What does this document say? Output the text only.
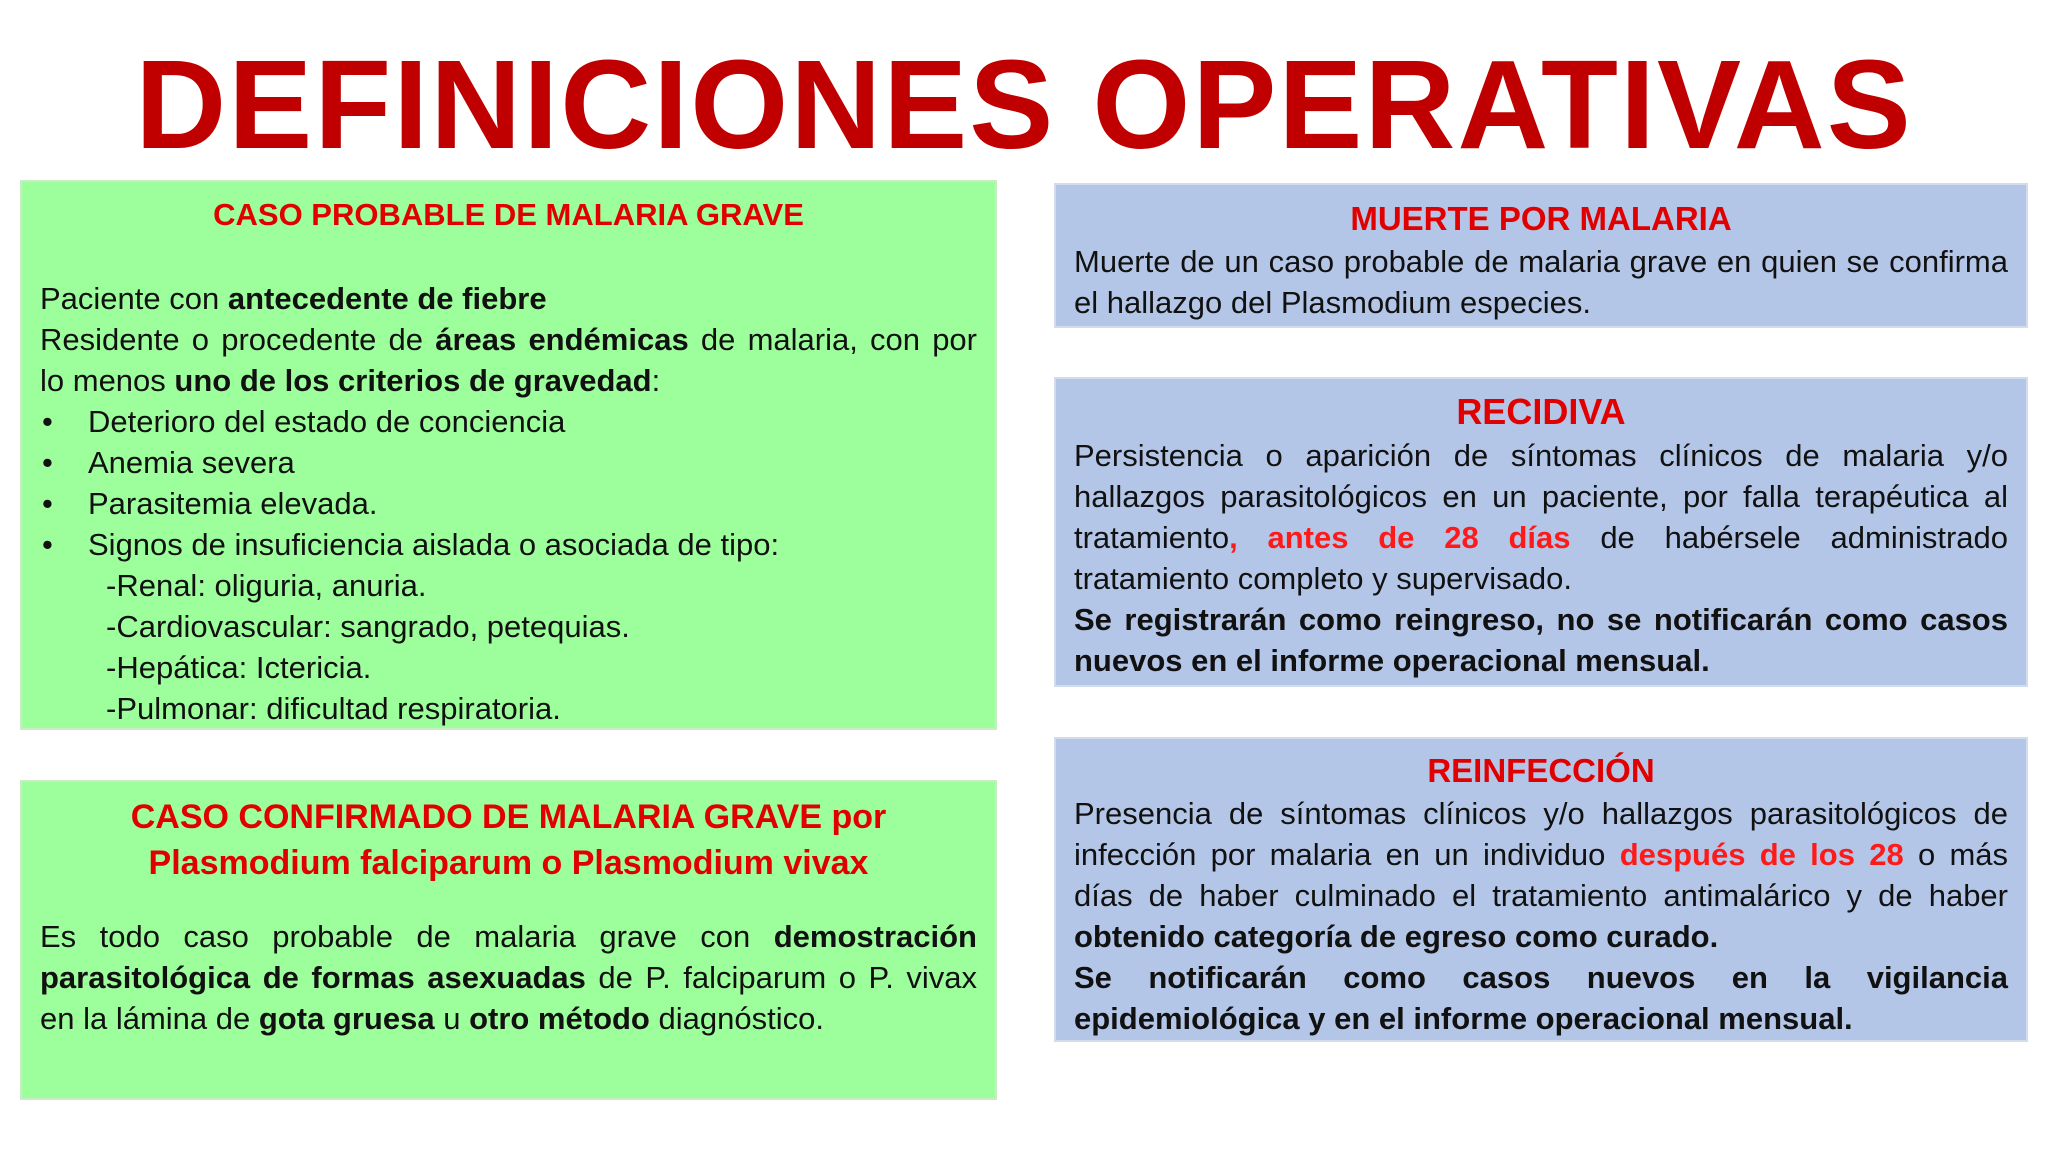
DEFINICIONES OPERATIVAS
CASO PROBABLE DE MALARIA GRAVE
Paciente con antecedente de fiebre
Residente o procedente de áreas endémicas de malaria, con por lo menos uno de los criterios de gravedad:
• Deterioro del estado de conciencia
• Anemia severa
• Parasitemia elevada.
• Signos de insuficiencia aislada o asociada de tipo:
-Renal: oliguria, anuria.
-Cardiovascular: sangrado, petequias.
-Hepática: Ictericia.
-Pulmonar: dificultad respiratoria.
CASO CONFIRMADO DE MALARIA GRAVE por Plasmodium falciparum o Plasmodium vivax
Es todo caso probable de malaria grave con demostración parasitológica de formas asexuadas de P. falciparum o P. vivax en la lámina de gota gruesa u otro método diagnóstico.
MUERTE POR MALARIA
Muerte de un caso probable de malaria grave en quien se confirma el hallazgo del Plasmodium especies.
RECIDIVA
Persistencia o aparición de síntomas clínicos de malaria y/o hallazgos parasitológicos en un paciente, por falla terapéutica al tratamiento, antes de 28 días de habérsele administrado tratamiento completo y supervisado.
Se registrarán como reingreso, no se notificarán como casos nuevos en el informe operacional mensual.
REINFECCIÓN
Presencia de síntomas clínicos y/o hallazgos parasitológicos de infección por malaria en un individuo después de los 28 o más días de haber culminado el tratamiento antimalárico y de haber obtenido categoría de egreso como curado.
Se notificarán como casos nuevos en la vigilancia epidemiológica y en el informe operacional mensual.
